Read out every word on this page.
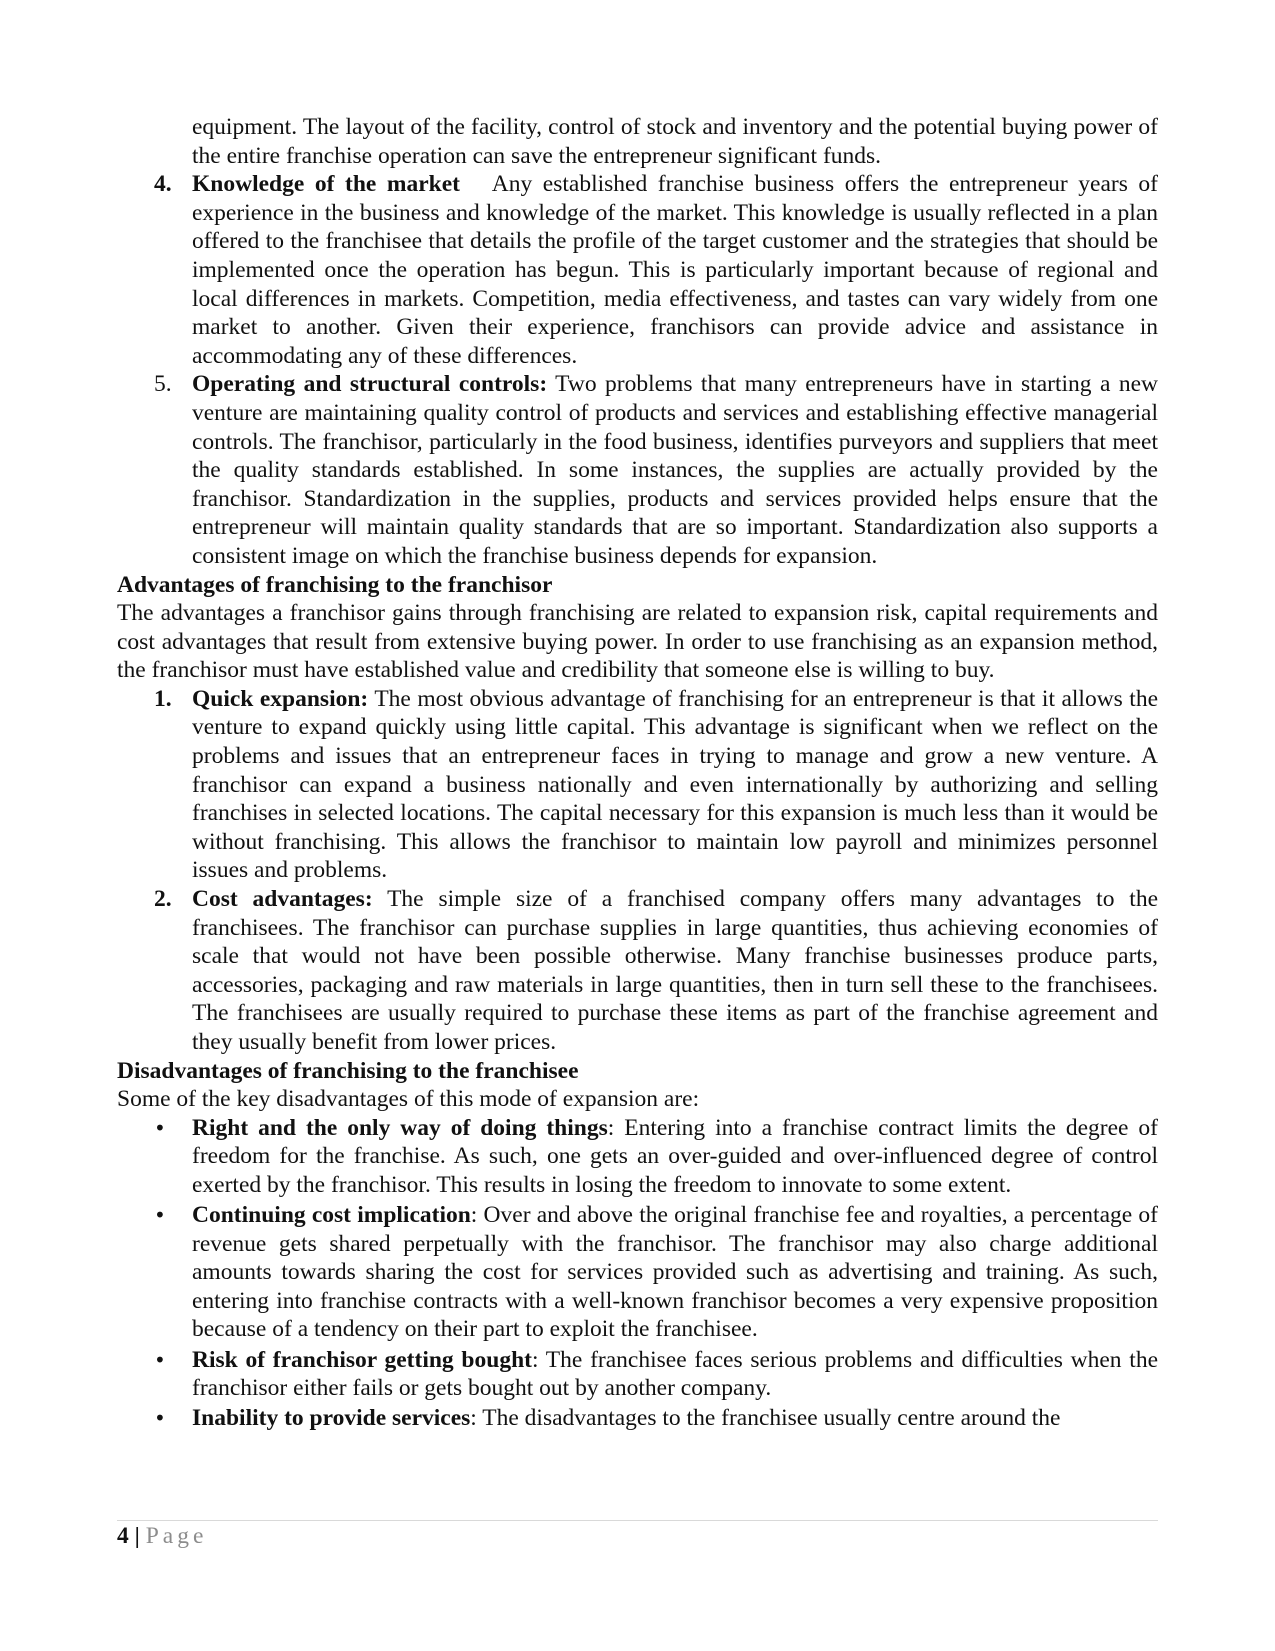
equipment. The layout of the facility, control of stock and inventory and the potential buying power of the entire franchise operation can save the entrepreneur significant funds.

4. Knowledge of the market Any established franchise business offers the entrepreneur years of experience in the business and knowledge of the market. This knowledge is usually reflected in a plan offered to the franchisee that details the profile of the target customer and the strategies that should be implemented once the operation has begun. This is particularly important because of regional and local differences in markets. Competition, media effectiveness, and tastes can vary widely from one market to another. Given their experience, franchisors can provide advice and assistance in accommodating any of these differences.
5. Operating and structural controls: Two problems that many entrepreneurs have in starting a new venture are maintaining quality control of products and services and establishing effective managerial controls. The franchisor, particularly in the food business, identifies purveyors and suppliers that meet the quality standards established. In some instances, the supplies are actually provided by the franchisor. Standardization in the supplies, products and services provided helps ensure that the entrepreneur will maintain quality standards that are so important. Standardization also supports a consistent image on which the franchise business depends for expansion.

Advantages of franchising to the franchisor

The advantages a franchisor gains through franchising are related to expansion risk, capital requirements and cost advantages that result from extensive buying power. In order to use franchising as an expansion method, the franchisor must have established value and credibility that someone else is willing to buy.

1. Quick expansion: The most obvious advantage of franchising for an entrepreneur is that it allows the venture to expand quickly using little capital. This advantage is significant when we reflect on the problems and issues that an entrepreneur faces in trying to manage and grow a new venture. A franchisor can expand a business nationally and even internationally by authorizing and selling franchises in selected locations. The capital necessary for this expansion is much less than it would be without franchising. This allows the franchisor to maintain low payroll and minimizes personnel issues and problems.
2. Cost advantages: The simple size of a franchised company offers many advantages to the franchisees. The franchisor can purchase supplies in large quantities, thus achieving economies of scale that would not have been possible otherwise. Many franchise businesses produce parts, accessories, packaging and raw materials in large quantities, then in turn sell these to the franchisees. The franchisees are usually required to purchase these items as part of the franchise agreement and they usually benefit from lower prices.

Disadvantages of franchising to the franchisee

Some of the key disadvantages of this mode of expansion are:

• Right and the only way of doing things: Entering into a franchise contract limits the degree of freedom for the franchise. As such, one gets an over-guided and over-influenced degree of control exerted by the franchisor. This results in losing the freedom to innovate to some extent.
• Continuing cost implication: Over and above the original franchise fee and royalties, a percentage of revenue gets shared perpetually with the franchisor. The franchisor may also charge additional amounts towards sharing the cost for services provided such as advertising and training. As such, entering into franchise contracts with a well-known franchisor becomes a very expensive proposition because of a tendency on their part to exploit the franchisee.
• Risk of franchisor getting bought: The franchisee faces serious problems and difficulties when the franchisor either fails or gets bought out by another company.
• Inability to provide services: The disadvantages to the franchisee usually centre around the
4 | Page
